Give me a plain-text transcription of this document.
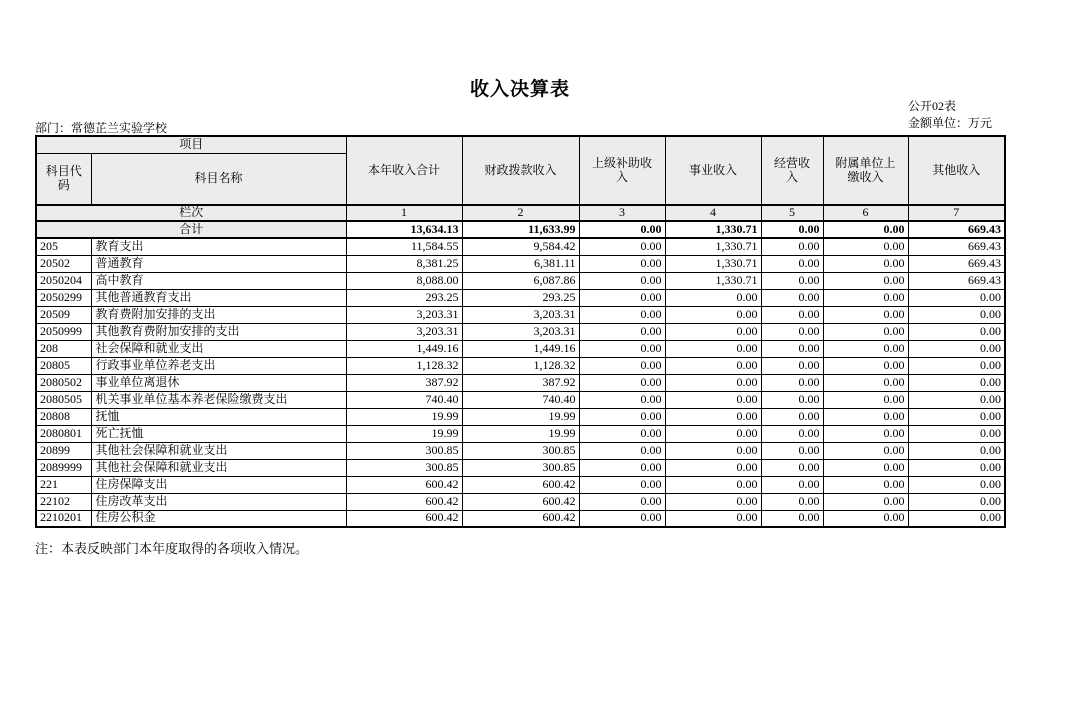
收入决算表
公开02表
金额单位：万元
部门：常德芷兰实验学校
项目		本年收入合计	财政拨款收入	上级补助收入	事业收入	经营收入	附属单位上缴收入	其他收入
科目代码	科目名称							
栏次		1	2	3	4	5	6	7
合计		13,634.13	11,633.99	0.00	1,330.71	0.00	0.00	669.43
205	教育支出	11,584.55	9,584.42	0.00	1,330.71	0.00	0.00	669.43
20502	普通教育	8,381.25	6,381.11	0.00	1,330.71	0.00	0.00	669.43
2050204	高中教育	8,088.00	6,087.86	0.00	1,330.71	0.00	0.00	669.43
2050299	其他普通教育支出	293.25	293.25	0.00	0.00	0.00	0.00	0.00
20509	教育费附加安排的支出	3,203.31	3,203.31	0.00	0.00	0.00	0.00	0.00
2050999	其他教育费附加安排的支出	3,203.31	3,203.31	0.00	0.00	0.00	0.00	0.00
208	社会保障和就业支出	1,449.16	1,449.16	0.00	0.00	0.00	0.00	0.00
20805	行政事业单位养老支出	1,128.32	1,128.32	0.00	0.00	0.00	0.00	0.00
2080502	事业单位离退休	387.92	387.92	0.00	0.00	0.00	0.00	0.00
2080505	机关事业单位基本养老保险缴费支出	740.40	740.40	0.00	0.00	0.00	0.00	0.00
20808	抚恤	19.99	19.99	0.00	0.00	0.00	0.00	0.00
2080801	死亡抚恤	19.99	19.99	0.00	0.00	0.00	0.00	0.00
20899	其他社会保障和就业支出	300.85	300.85	0.00	0.00	0.00	0.00	0.00
2089999	其他社会保障和就业支出	300.85	300.85	0.00	0.00	0.00	0.00	0.00
221	住房保障支出	600.42	600.42	0.00	0.00	0.00	0.00	0.00
22102	住房改革支出	600.42	600.42	0.00	0.00	0.00	0.00	0.00
2210201	住房公积金	600.42	600.42	0.00	0.00	0.00	0.00	0.00
注：本表反映部门本年度取得的各项收入情况。
